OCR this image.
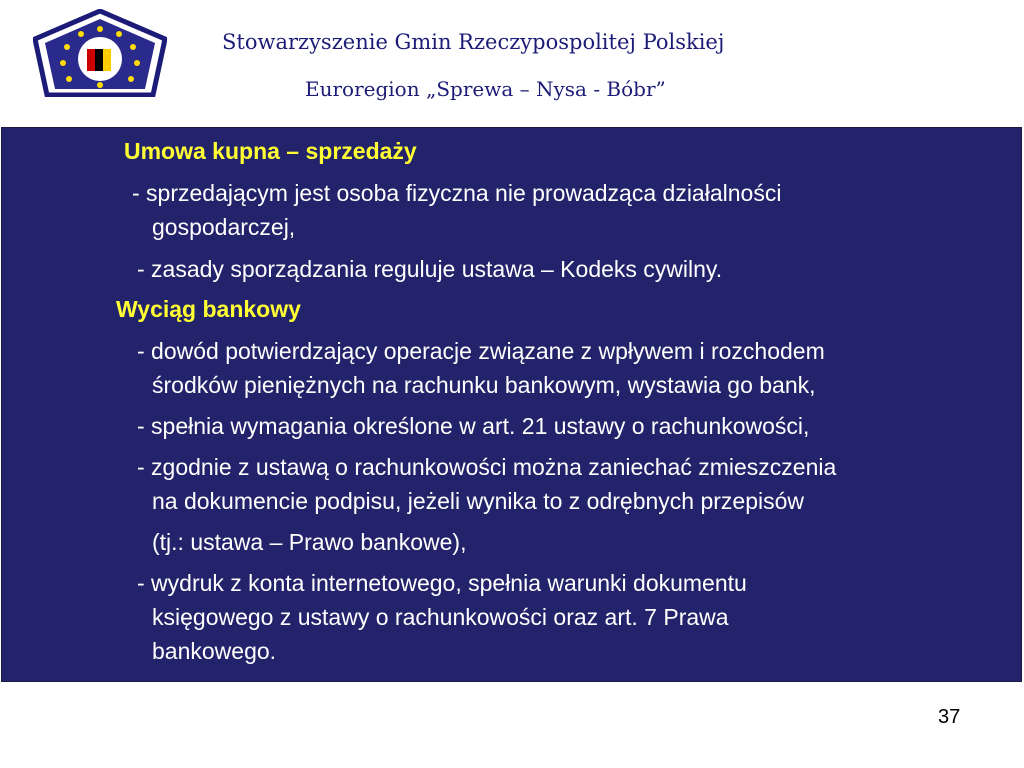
Stowarzyszenie Gmin Rzeczypospolitej Polskiej
Euroregion „Sprewa – Nysa - Bóbr”
Umowa kupna – sprzedaży
- sprzedającym jest osoba fizyczna nie prowadząca działalności
gospodarczej,
- zasady sporządzania reguluje ustawa – Kodeks cywilny.
Wyciąg bankowy
- dowód potwierdzający operacje związane z wpływem i rozchodem
środków pieniężnych na rachunku bankowym, wystawia go bank,
- spełnia wymagania określone w art. 21 ustawy o rachunkowości,
- zgodnie z ustawą o rachunkowości można zaniechać zmieszczenia
na dokumencie podpisu, jeżeli wynika to z odrębnych przepisów
(tj.: ustawa – Prawo bankowe),
- wydruk z konta internetowego, spełnia warunki dokumentu
księgowego z ustawy o rachunkowości oraz art. 7 Prawa
bankowego.
37
